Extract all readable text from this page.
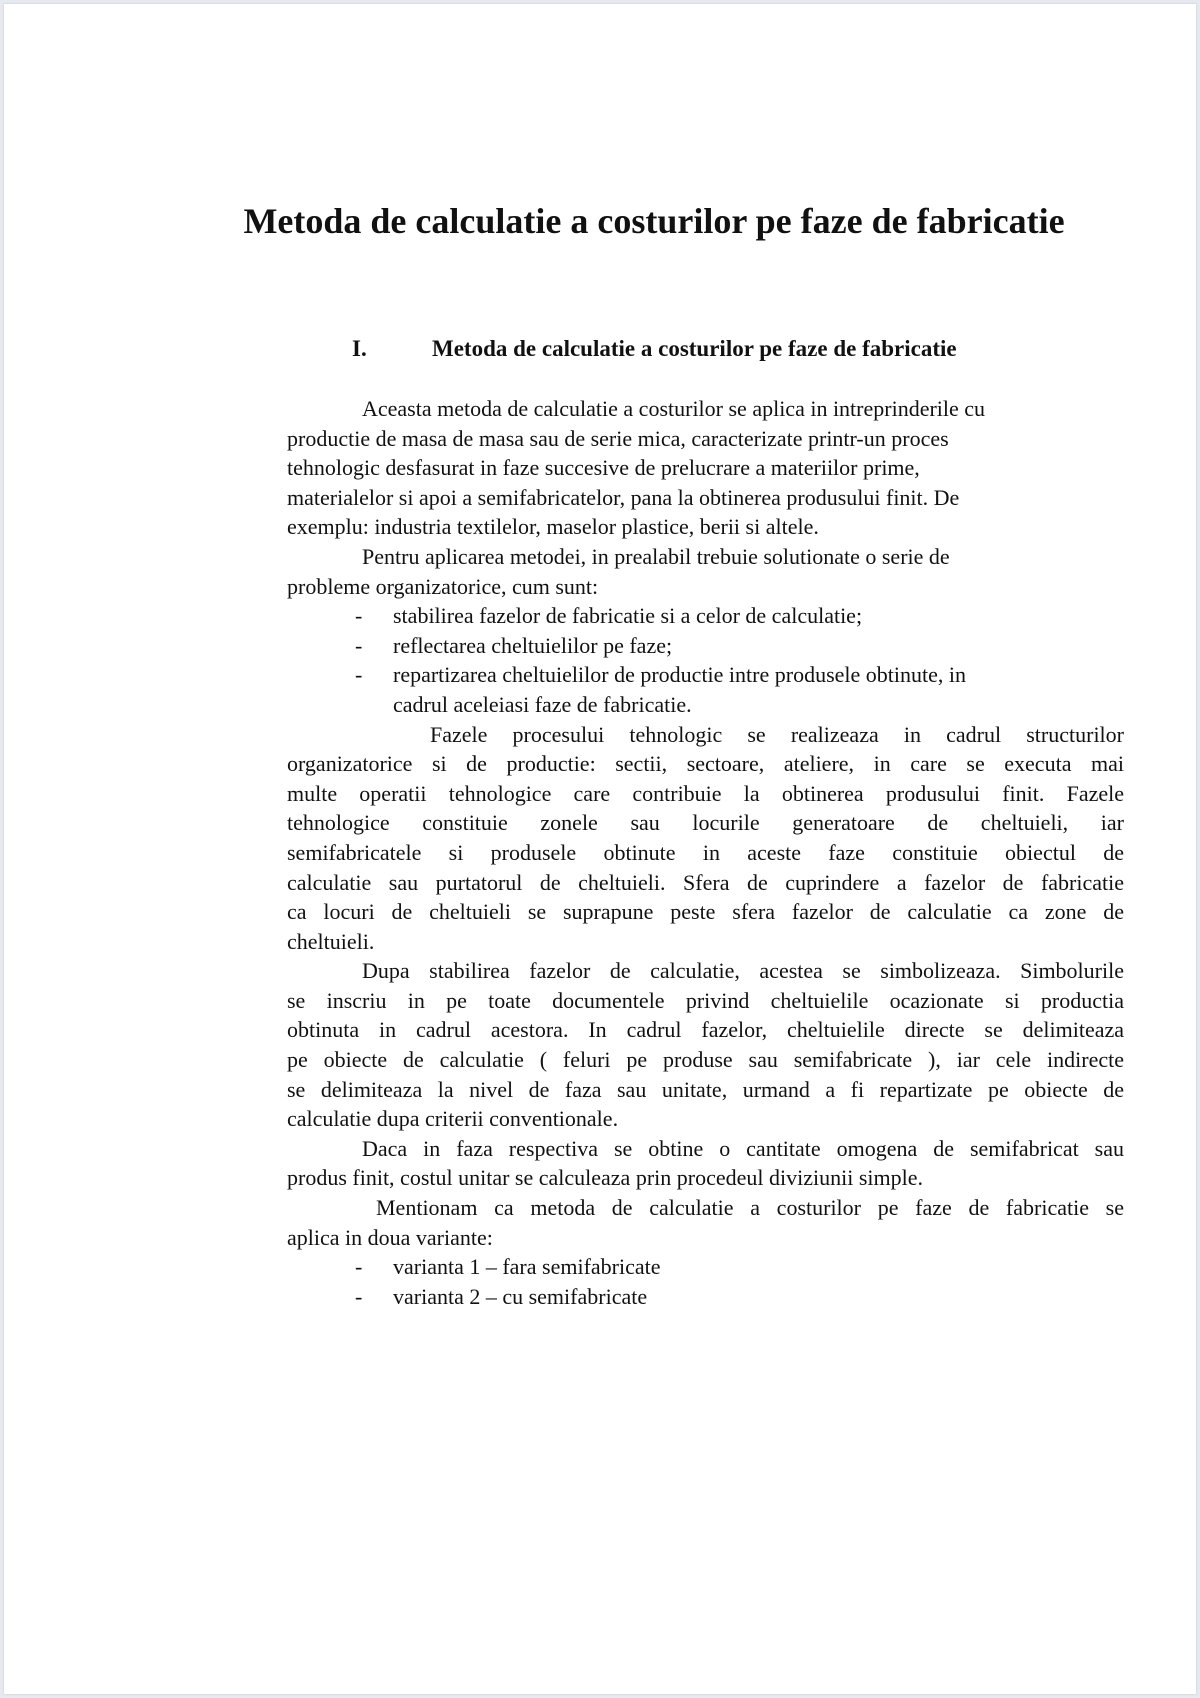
Metoda de calculatie a costurilor pe faze de fabricatie
I.	Metoda de calculatie a costurilor pe faze de fabricatie
Aceasta metoda de calculatie a costurilor se aplica in intreprinderile cu
productie de masa de masa sau de serie mica, caracterizate printr-un proces
tehnologic desfasurat in faze succesive de prelucrare a materiilor prime,
materialelor si apoi a semifabricatelor, pana la obtinerea produsului finit. De
exemplu: industria textilelor, maselor plastice, berii si altele.
Pentru aplicarea metodei, in prealabil trebuie solutionate o serie de
probleme organizatorice, cum sunt:
- stabilirea fazelor de fabricatie si a celor de calculatie;
- reflectarea cheltuielilor pe faze;
- repartizarea cheltuielilor de productie intre produsele obtinute, in
cadrul aceleiasi faze de fabricatie.
Fazele procesului tehnologic se realizeaza in cadrul structurilor
organizatorice si de productie: sectii, sectoare, ateliere, in care se executa mai
multe operatii tehnologice care contribuie la obtinerea produsului finit. Fazele
tehnologice constituie zonele sau locurile generatoare de cheltuieli, iar
semifabricatele si produsele obtinute in aceste faze constituie obiectul de
calculatie sau purtatorul de cheltuieli. Sfera de cuprindere a fazelor de fabricatie
ca locuri de cheltuieli se suprapune peste sfera fazelor de calculatie ca zone de
cheltuieli.
Dupa stabilirea fazelor de calculatie, acestea se simbolizeaza. Simbolurile
se inscriu in pe toate documentele privind cheltuielile ocazionate si productia
obtinuta in cadrul acestora. In cadrul fazelor, cheltuielile directe se delimiteaza
pe obiecte de calculatie ( feluri pe produse sau semifabricate ), iar cele indirecte
se delimiteaza la nivel de faza sau unitate, urmand a fi repartizate pe obiecte de
calculatie dupa criterii conventionale.
Daca in faza respectiva se obtine o cantitate omogena de semifabricat sau
produs finit, costul unitar se calculeaza prin procedeul diviziunii simple.
Mentionam ca metoda de calculatie a costurilor pe faze de fabricatie se
aplica in doua variante:
- varianta 1 – fara semifabricate
- varianta 2 – cu semifabricate
